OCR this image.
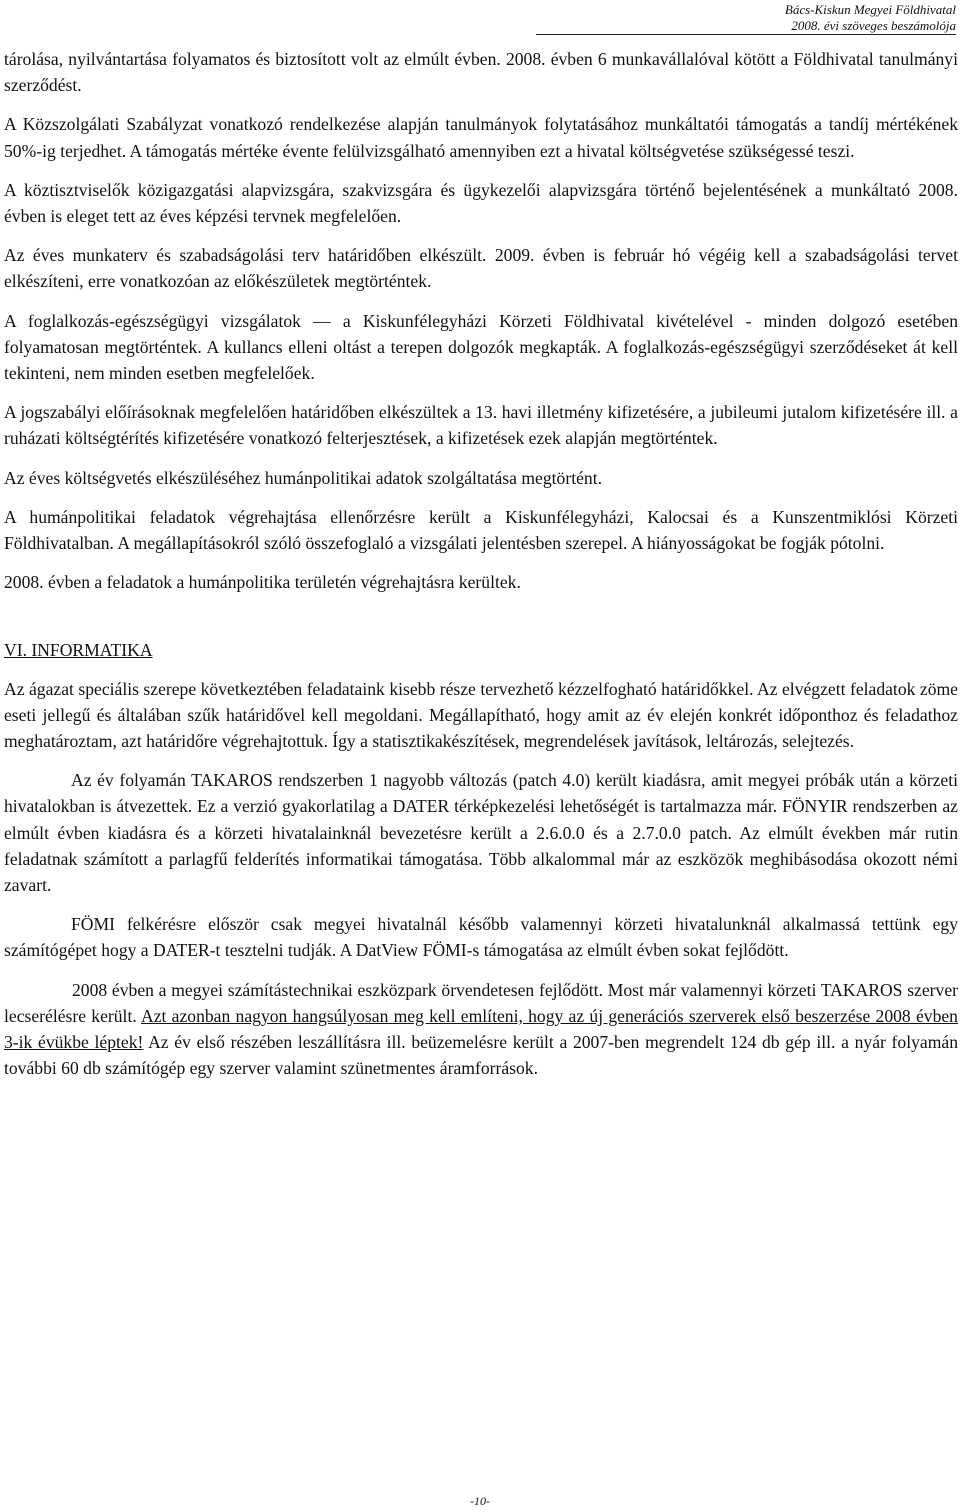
Bács-Kiskun Megyei Földhivatal
2008. évi szöveges beszámolója

tárolása, nyilvántartása folyamatos és biztosított volt az elmúlt évben. 2008. évben 6 munkavállalóval kötött a Földhivatal tanulmányi szerződést.

A Közszolgálati Szabályzat vonatkozó rendelkezése alapján tanulmányok folytatásához munkáltatói támogatás a tandíj mértékének 50%-ig terjedhet. A támogatás mértéke évente felülvizsgálható amennyiben ezt a hivatal költségvetése szükségessé teszi.

A köztisztviselők közigazgatási alapvizsgára, szakvizsgára és ügykezelői alapvizsgára történő bejelentésének a munkáltató 2008. évben is eleget tett az éves képzési tervnek megfelelően.

Az éves munkaterv és szabadságolási terv határidőben elkészült. 2009. évben is február hó végéig kell a szabadságolási tervet elkészíteni, erre vonatkozóan az előkészületek megtörténtek.

A foglalkozás-egészségügyi vizsgálatok — a Kiskunfélegyházi Körzeti Földhivatal kivételével - minden dolgozó esetében folyamatosan megtörténtek. A kullancs elleni oltást a terepen dolgozók megkapták. A foglalkozás-egészségügyi szerződéseket át kell tekinteni, nem minden esetben megfelelőek.

A jogszabályi előírásoknak megfelelően határidőben elkészültek a 13. havi illetmény kifizetésére, a jubileumi jutalom kifizetésére ill. a ruházati költségtérítés kifizetésére vonatkozó felterjesztések, a kifizetések ezek alapján megtörténtek.

Az éves költségvetés elkészüléséhez humánpolitikai adatok szolgáltatása megtörtént.

A humánpolitikai feladatok végrehajtása ellenőrzésre került a Kiskunfélegyházi, Kalocsai és a Kunszentmiklósi Körzeti Földhivatalban. A megállapításokról szóló összefoglaló a vizsgálati jelentésben szerepel. A hiányosságokat be fogják pótolni.

2008. évben a feladatok a humánpolitika területén végrehajtásra kerültek.

VI. INFORMATIKA

Az ágazat speciális szerepe következtében feladataink kisebb része tervezhető kézzelfogható határidőkkel. Az elvégzett feladatok zöme eseti jellegű és általában szűk határidővel kell megoldani. Megállapítható, hogy amit az év elején konkrét időponthoz és feladathoz meghatároztam, azt határidőre végrehajtottuk. Így a statisztikakészítések, megrendelések javítások, leltározás, selejtezés.

Az év folyamán TAKAROS rendszerben 1 nagyobb változás (patch 4.0) került kiadásra, amit megyei próbák után a körzeti hivatalokban is átvezettek. Ez a verzió gyakorlatilag a DATER térképkezelési lehetőségét is tartalmazza már. FÖNYIR rendszerben az elmúlt évben kiadásra és a körzeti hivatalainknál bevezetésre került a 2.6.0.0 és a 2.7.0.0 patch. Az elmúlt években már rutin feladatnak számított a parlagfű felderítés informatikai támogatása. Több alkalommal már az eszközök meghibásodása okozott némi zavart.

FÖMI felkérésre először csak megyei hivatalnál később valamennyi körzeti hivatalunknál alkalmassá tettünk egy számítógépet hogy a DATER-t tesztelni tudják. A DatView FÖMI-s támogatása az elmúlt évben sokat fejlődött.

2008 évben a megyei számítástechnikai eszközpark örvendetesen fejlődött. Most már valamennyi körzeti TAKAROS szerver lecserélésre került. Azt azonban nagyon hangsúlyosan meg kell említeni, hogy az új generációs szerverek első beszerzése 2008 évben 3-ik évükbe léptek! Az év első részében leszállításra ill. beüzemelésre került a 2007-ben megrendelt 124 db gép ill. a nyár folyamán további 60 db számítógép egy szerver valamint szünetmentes áramforrások.

-10-
